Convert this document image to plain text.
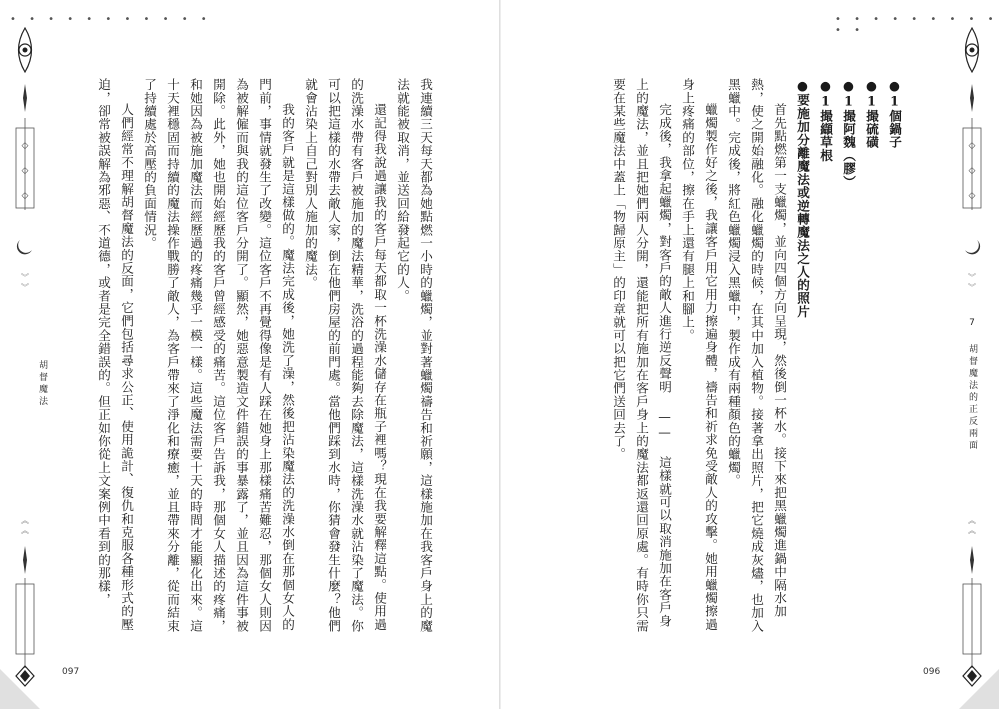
• • • • • • • • • • •
◇
◇
◇
︾
︾
︽
︽
胡督魔法	我連續三天每天都為她點燃一小時的蠟燭，並對著蠟燭禱告和祈願，這樣施加在我客戶身上的魔法就能被取消，並送回給發起它的人。

還記得我說過讓我的客戶每天都取一杯洗澡水儲存在瓶子裡嗎？現在我要解釋這點。使用過的洗澡水帶有客戶被施加的魔法精華，洗浴的過程能夠去除魔法，這樣洗澡水就沾染了魔法。你可以把這樣的水帶去敵人家，倒在他們房屋的前門處。當他們踩到水時，你猜會發生什麼？他們就會沾染上自己對別人施加的魔法。

我的客戶就是這樣做的。魔法完成後，她洗了澡，然後把沾染魔法的洗澡水倒在那個女人的門前，事情就發生了改變。這位客戶不再覺得像是有人踩在她身上那樣痛苦難忍，那個女人則因為被解僱而與我的這位客戶分開了。顯然，她惡意製造文件錯誤的事暴露了，並且因為這件事被開除。此外，她也開始經歷我的客戶曾經感受的痛苦。這位客戶告訴我，那個女人描述的疼痛，和她因為被施加魔法而經歷過的疼痛幾乎一模一樣。這些魔法需要十天的時間才能顯化出來。這十天裡穩固而持續的魔法操作戰勝了敵人，為客戶帶來了淨化和療癒，並且帶來分離，從而結束了持續處於高壓的負面情況。

人們經常不理解胡督魔法的反面，它們包括尋求公正、使用詭計、復仇和克服各種形式的壓迫，卻常被誤解為邪惡、不道德，或者是完全錯誤的。但正如你從上文案例中看到的那樣，

097
• • • • • • • • • • •
●1個鍋子
●1撮硫磺
●1撮阿魏（膠）
●1撮纈草根
●要施加分離魔法或逆轉魔法之人的照片

首先點燃第一支蠟燭，並向四個方向呈現，然後倒一杯水。接下來把黑蠟燭進鍋中隔水加熱，使之開始融化。融化蠟燭的時候，在其中加入植物。接著拿出照片，把它燒成灰燼，也加入黑蠟中。完成後，將紅色蠟燭浸入黑蠟中，製作成有兩種顏色的蠟燭。

蠟燭製作好之後，我讓客戶用它用力擦遍身體，禱告和祈求免受敵人的攻擊。她用蠟燭擦過身上疼痛的部位，擦在手上還有腿上和腳上。

完成後，我拿起蠟燭，對客戶的敵人進行逆反聲明 —— 這樣就可以取消施加在客戶身上的魔法，並且把她們兩人分開，還能把所有施加在客戶身上的魔法都返還回原處。有時你只需要在某些魔法中蓋上「物歸原主」的印章就可以把它們送回去了。	7 胡督魔法的正反兩面
◇
◇
◇
︾
︾
︽
︽
096
